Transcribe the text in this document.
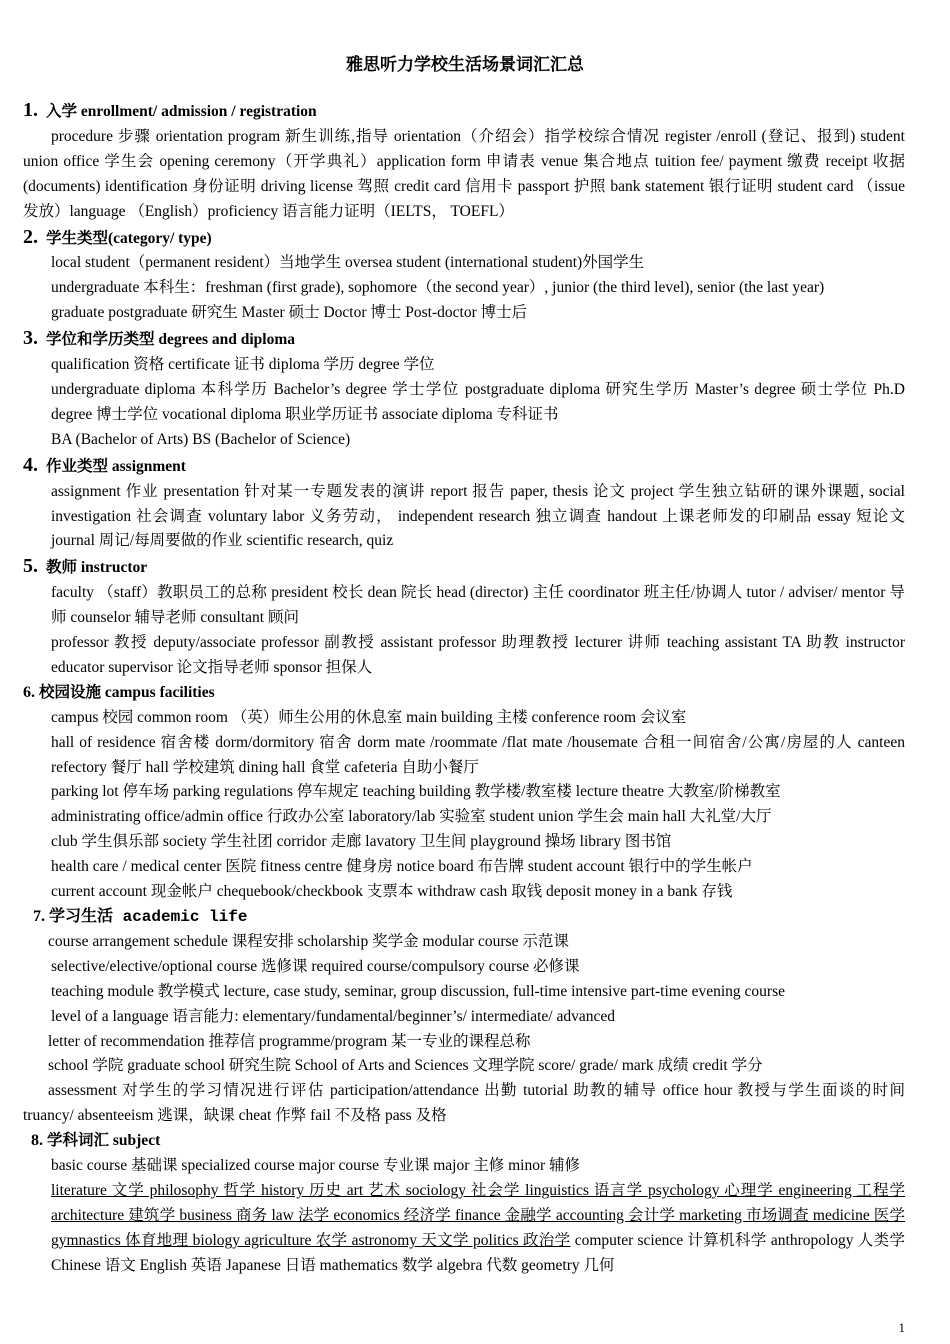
雅思听力学校生活场景词汇汇总
1. 入学 enrollment/ admission / registration
procedure 步骤 orientation program 新生训练,指导 orientation（介绍会）指学校综合情况 register /enroll (登记、报到) student union office 学生会 opening ceremony（开学典礼）application form 申请表 venue 集合地点 tuition fee/ payment 缴费 receipt 收据(documents) identification 身份证明 driving license 驾照 credit card 信用卡 passport 护照 bank statement 银行证明 student card （issue 发放）language （English）proficiency 语言能力证明（IELTS， TOEFL）
2. 学生类型(category/ type)
local student（permanent resident）当地学生 oversea student (international student)外国学生
undergraduate 本科生：freshman (first grade), sophomore（the second year）, junior (the third level), senior (the last year)
graduate postgraduate 研究生 Master 硕士 Doctor 博士 Post-doctor 博士后
3. 学位和学历类型 degrees and diploma
qualification 资格 certificate 证书 diploma 学历 degree 学位
undergraduate diploma 本科学历 Bachelor’s degree 学士学位 postgraduate diploma 研究生学历 Master’s degree 硕士学位 Ph.D degree 博士学位 vocational diploma 职业学历证书 associate diploma 专科证书
BA (Bachelor of Arts) BS (Bachelor of Science)
4. 作业类型 assignment
assignment 作业 presentation 针对某一专题发表的演讲 report 报告 paper, thesis 论文 project 学生独立钻研的课外课题, social investigation 社会调查 voluntary labor 义务劳动， independent research 独立调查 handout 上课老师发的印刷品 essay 短论文 journal 周记/每周要做的作业 scientific research, quiz
5. 教师 instructor
faculty （staff）教职员工的总称 president 校长 dean 院长 head (director) 主任 coordinator 班主任/协调人 tutor / adviser/ mentor 导师 counselor 辅导老师 consultant 顾问
professor 教授 deputy/associate professor 副教授 assistant professor 助理教授 lecturer 讲师 teaching assistant TA 助教 instructor educator supervisor 论文指导老师 sponsor 担保人
6. 校园设施 campus facilities
campus 校园 common room （英）师生公用的休息室 main building 主楼 conference room 会议室
hall of residence 宿舍楼 dorm/dormitory 宿舍 dorm mate /roommate /flat mate /housemate 合租一间宿舍/公寓/房屋的人 canteen refectory 餐厅 hall 学校建筑 dining hall 食堂 cafeteria 自助小餐厅
parking lot 停车场 parking regulations 停车规定 teaching building 教学楼/教室楼 lecture theatre 大教室/阶梯教室
administrating office/admin office 行政办公室 laboratory/lab 实验室 student union 学生会 main hall 大礼堂/大厅
club 学生俱乐部 society 学生社团 corridor 走廊 lavatory 卫生间 playground 操场 library 图书馆
health care / medical center 医院 fitness centre 健身房 notice board 布告牌 student account 银行中的学生帐户
current account 现金帐户 chequebook/checkbook 支票本 withdraw cash 取钱 deposit money in a bank 存钱
7. 学习生活 academic life
course arrangement schedule 课程安排 scholarship 奖学金 modular course 示范课
selective/elective/optional course 选修课 required course/compulsory course 必修课
teaching module 教学模式 lecture, case study, seminar, group discussion, full-time intensive part-time evening course
level of a language 语言能力: elementary/fundamental/beginner’s/ intermediate/ advanced
letter of recommendation 推荐信 programme/program 某一专业的课程总称
school 学院 graduate school 研究生院 School of Arts and Sciences 文理学院 score/ grade/ mark 成绩 credit 学分
assessment 对学生的学习情况进行评估 participation/attendance 出勤 tutorial 助教的辅导 office hour 教授与学生面谈的时间 truancy/ absenteeism 逃课，缺课 cheat 作弊 fail 不及格 pass 及格
8. 学科词汇 subject
basic course 基础课 specialized course major course 专业课 major 主修 minor 辅修
literature 文学 philosophy 哲学 history 历史 art 艺术 sociology 社会学 linguistics 语言学 psychology 心理学 engineering 工程学 architecture 建筑学 business 商务 law 法学 economics 经济学 finance 金融学 accounting 会计学 marketing 市场调查 medicine 医学 gymnastics 体育地理 biology agriculture 农学 astronomy 天文学 politics 政治学 computer science 计算机科学 anthropology 人类学 Chinese 语文 English 英语 Japanese 日语 mathematics 数学 algebra 代数 geometry 几何
1
